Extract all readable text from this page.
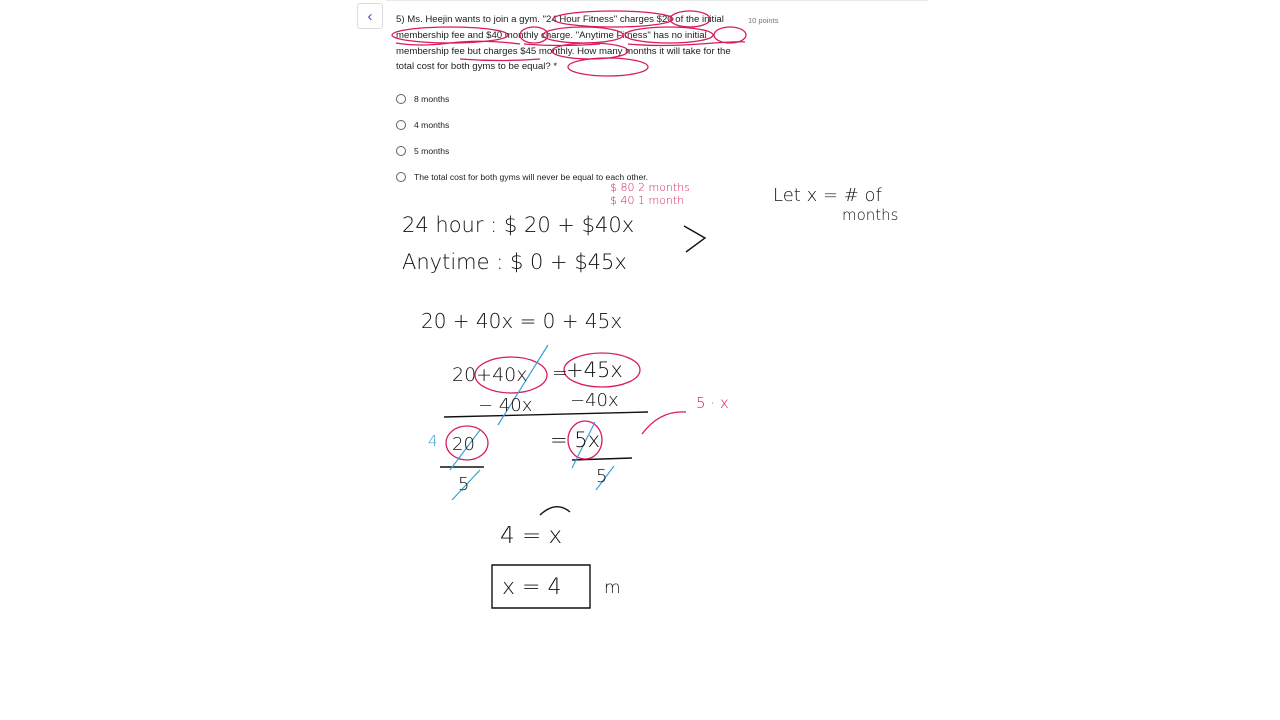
‹ 5) Ms. Heejin wants to join a gym. "24 Hour Fitness" charges $20 of the initial membership fee and $40 monthly charge. "Anytime Fitness" has no initial membership fee but charges $45 monthly. How many months it will take for the total cost for both gyms to be equal? *
10 points
8 months
4 months
5 months
The total cost for both gyms will never be equal to each other.
$ 80 2 months
$ 40 1 month	Let x = # of
months
24 hour : $ 20 + $40x
Anytime : $ 0 + $45x
20 + 40x = 0 + 45x
20+40x =
+45x
− 40x −40x
4 20	= 5x
5	5
5 · x
4 = x
x = 4	m
